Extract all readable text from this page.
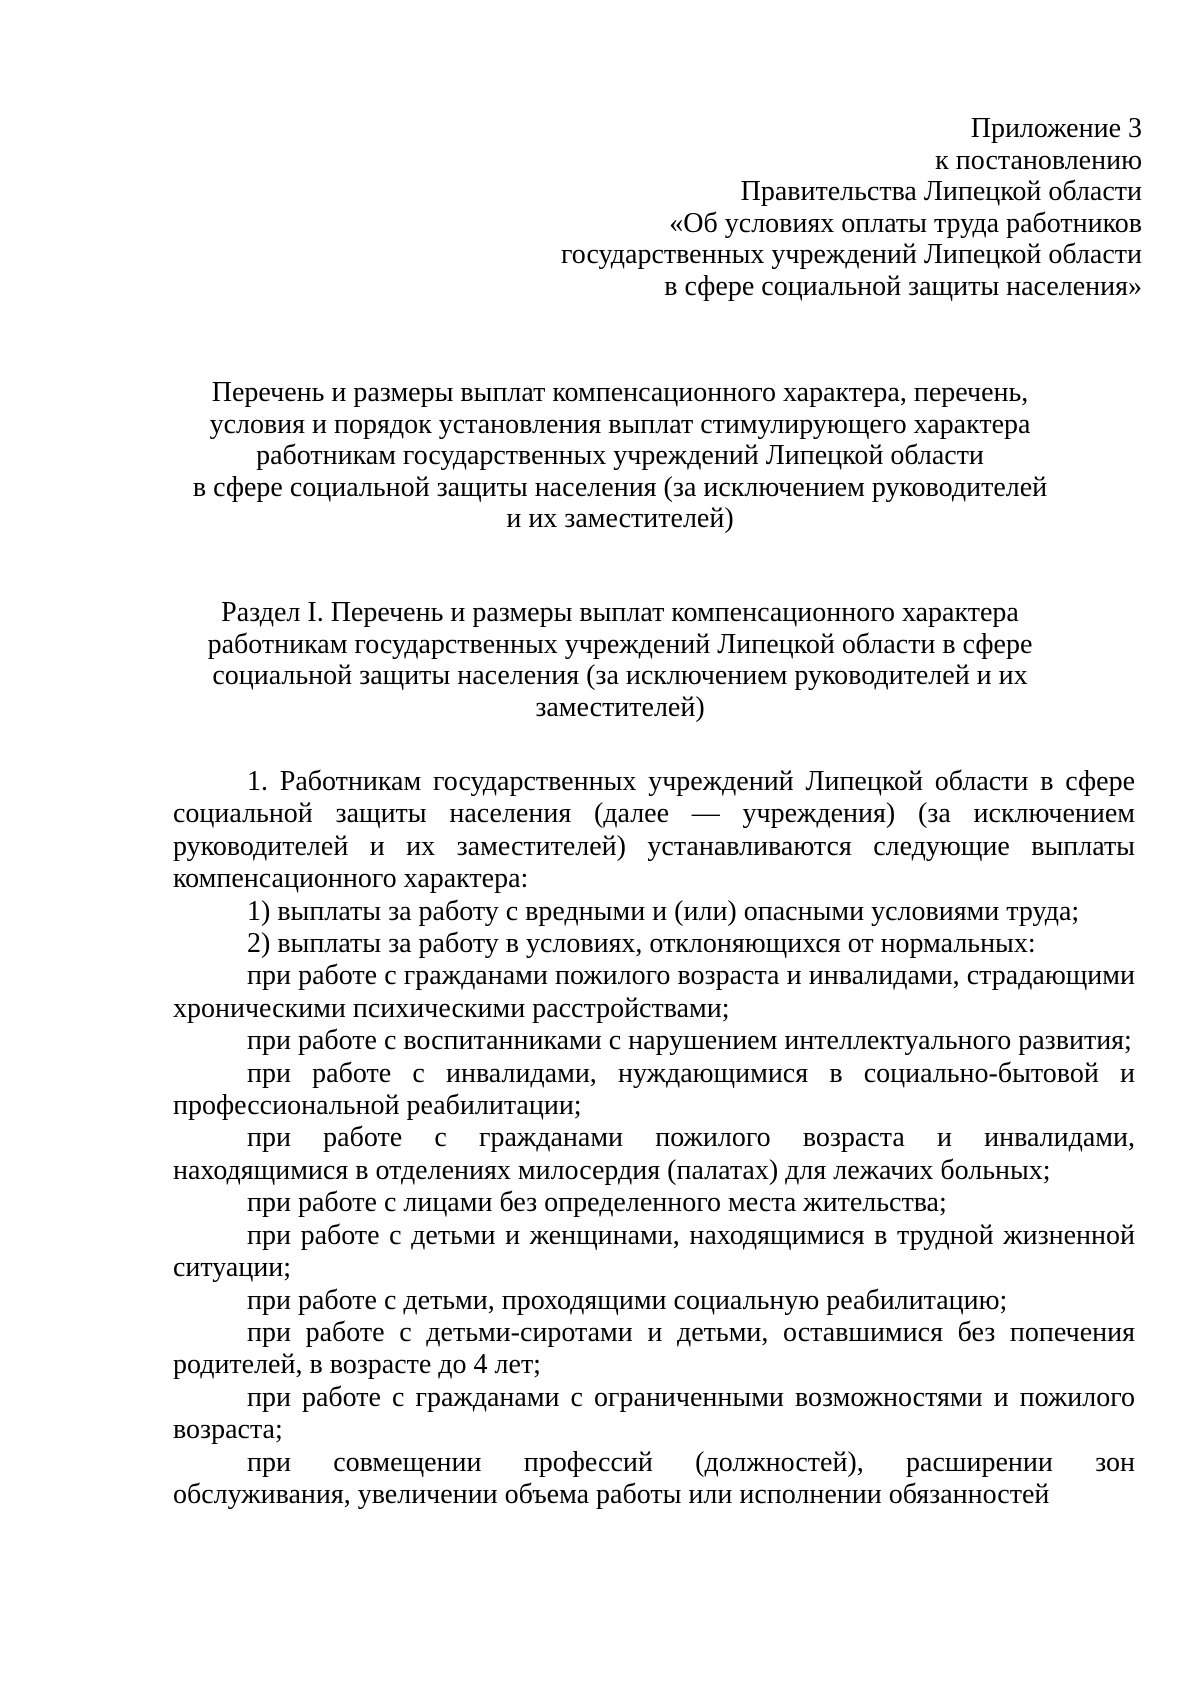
Приложение 3
к постановлению
Правительства Липецкой области
«Об условиях оплаты труда работников
государственных учреждений Липецкой области
в сфере социальной защиты населения»
Перечень и размеры выплат компенсационного характера, перечень,
условия и порядок установления выплат стимулирующего характера
работникам государственных учреждений Липецкой области
в сфере социальной защиты населения (за исключением руководителей
и их заместителей)
Раздел I. Перечень и размеры выплат компенсационного характера
работникам государственных учреждений Липецкой области в сфере
социальной защиты населения (за исключением руководителей и их
заместителей)

1. Работникам государственных учреждений Липецкой области в сфере социальной защиты населения (далее — учреждения) (за исключением руководителей и их заместителей) устанавливаются следующие выплаты компенсационного характера:

1) выплаты за работу с вредными и (или) опасными условиями труда;

2) выплаты за работу в условиях, отклоняющихся от нормальных:

при работе с гражданами пожилого возраста и инвалидами, страдающими хроническими психическими расстройствами;

при работе с воспитанниками с нарушением интеллектуального развития;

при работе с инвалидами, нуждающимися в социально-бытовой и профессиональной реабилитации;

при работе с гражданами пожилого возраста и инвалидами, находящимися в отделениях милосердия (палатах) для лежачих больных;

при работе с лицами без определенного места жительства;

при работе с детьми и женщинами, находящимися в трудной жизненной ситуации;

при работе с детьми, проходящими социальную реабилитацию;

при работе с детьми-сиротами и детьми, оставшимися без попечения родителей, в возрасте до 4 лет;

при работе с гражданами с ограниченными возможностями и пожилого возраста;

при совмещении профессий (должностей), расширении зон обслуживания, увеличении объема работы или исполнении обязанностей
